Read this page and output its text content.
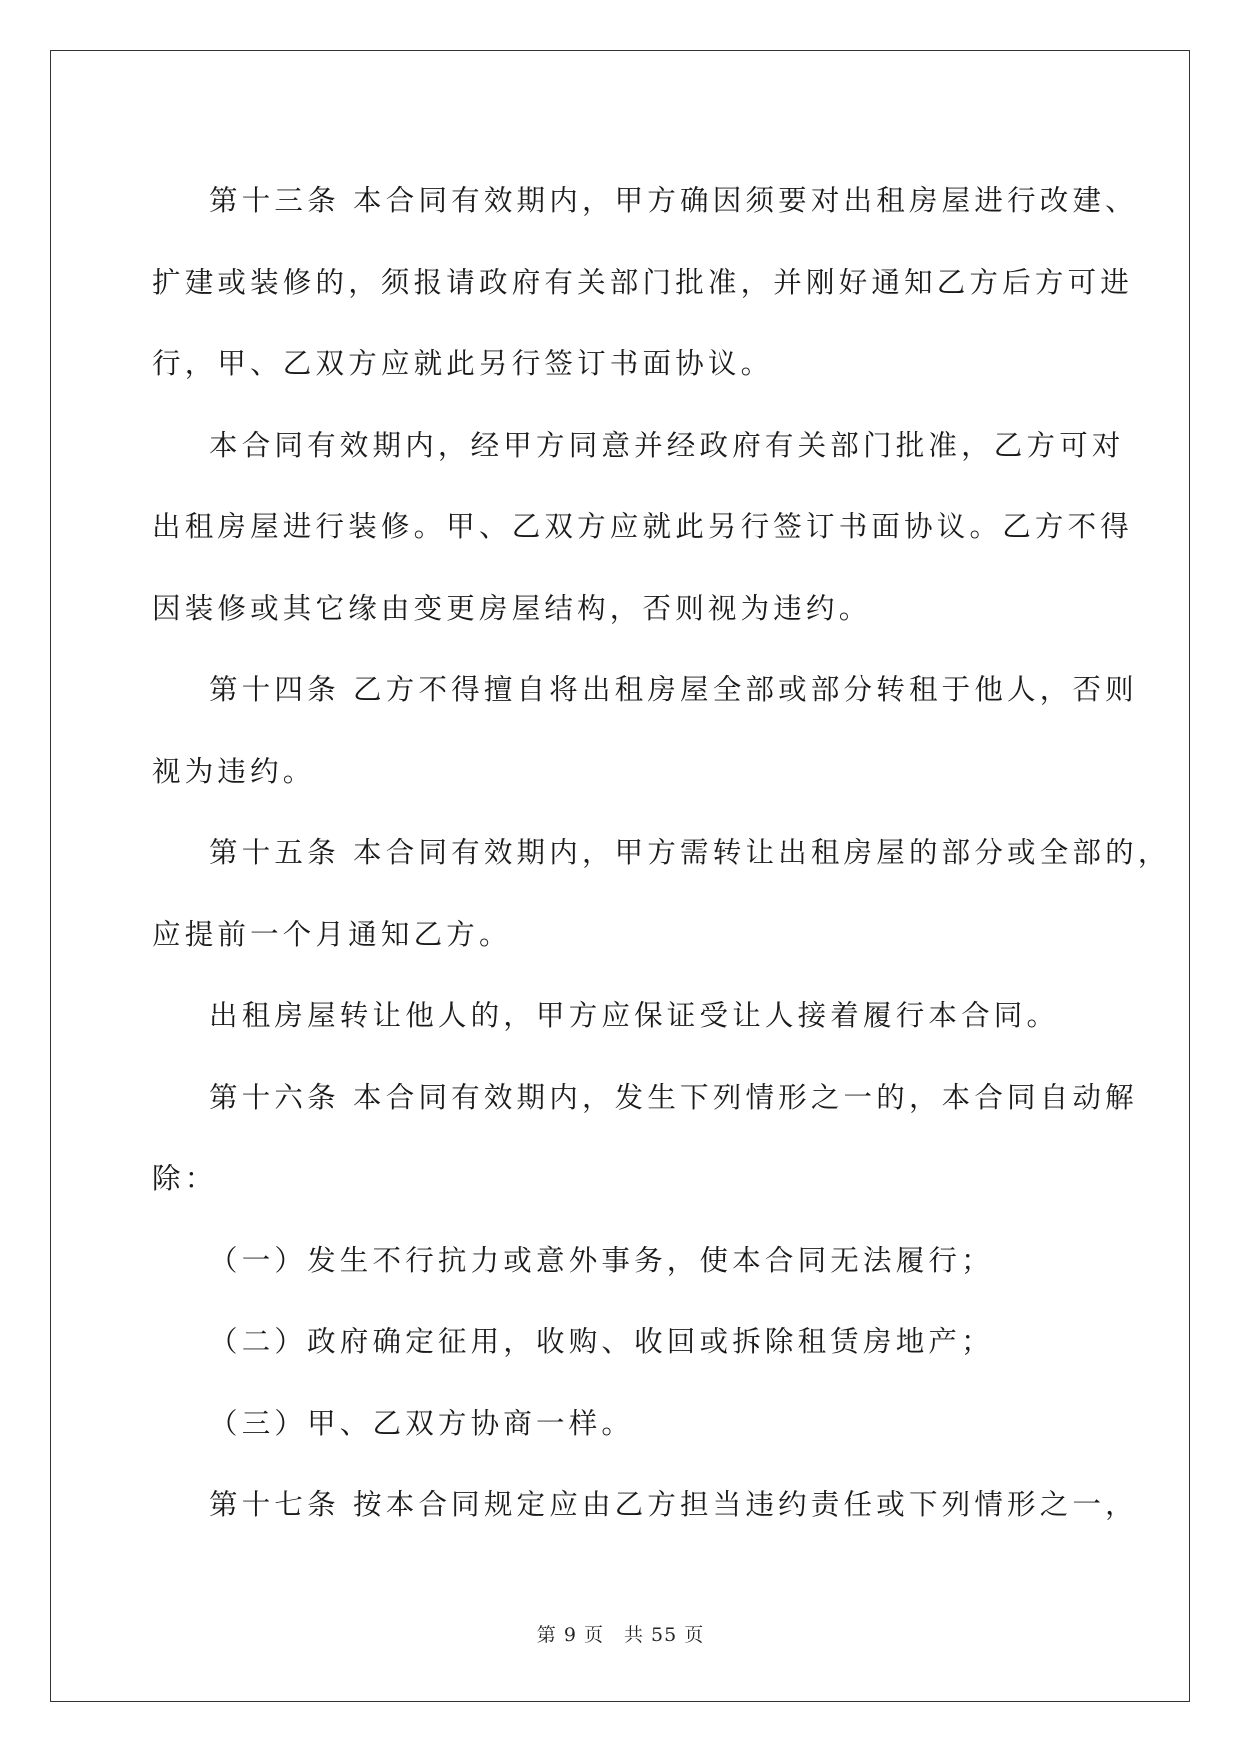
第十三条 本合同有效期内，甲方确因须要对出租房屋进行改建、
扩建或装修的，须报请政府有关部门批准，并刚好通知乙方后方可进
行，甲、乙双方应就此另行签订书面协议。

本合同有效期内，经甲方同意并经政府有关部门批准，乙方可对
出租房屋进行装修。甲、乙双方应就此另行签订书面协议。乙方不得
因装修或其它缘由变更房屋结构，否则视为违约。

第十四条 乙方不得擅自将出租房屋全部或部分转租于他人，否则
视为违约。

第十五条 本合同有效期内，甲方需转让出租房屋的部分或全部的，
应提前一个月通知乙方。

出租房屋转让他人的，甲方应保证受让人接着履行本合同。

第十六条 本合同有效期内，发生下列情形之一的，本合同自动解
除：

（一）发生不行抗力或意外事务，使本合同无法履行；

（二）政府确定征用，收购、收回或拆除租赁房地产；

（三）甲、乙双方协商一样。

第十七条 按本合同规定应由乙方担当违约责任或下列情形之一，

第 9 页 共 55 页
